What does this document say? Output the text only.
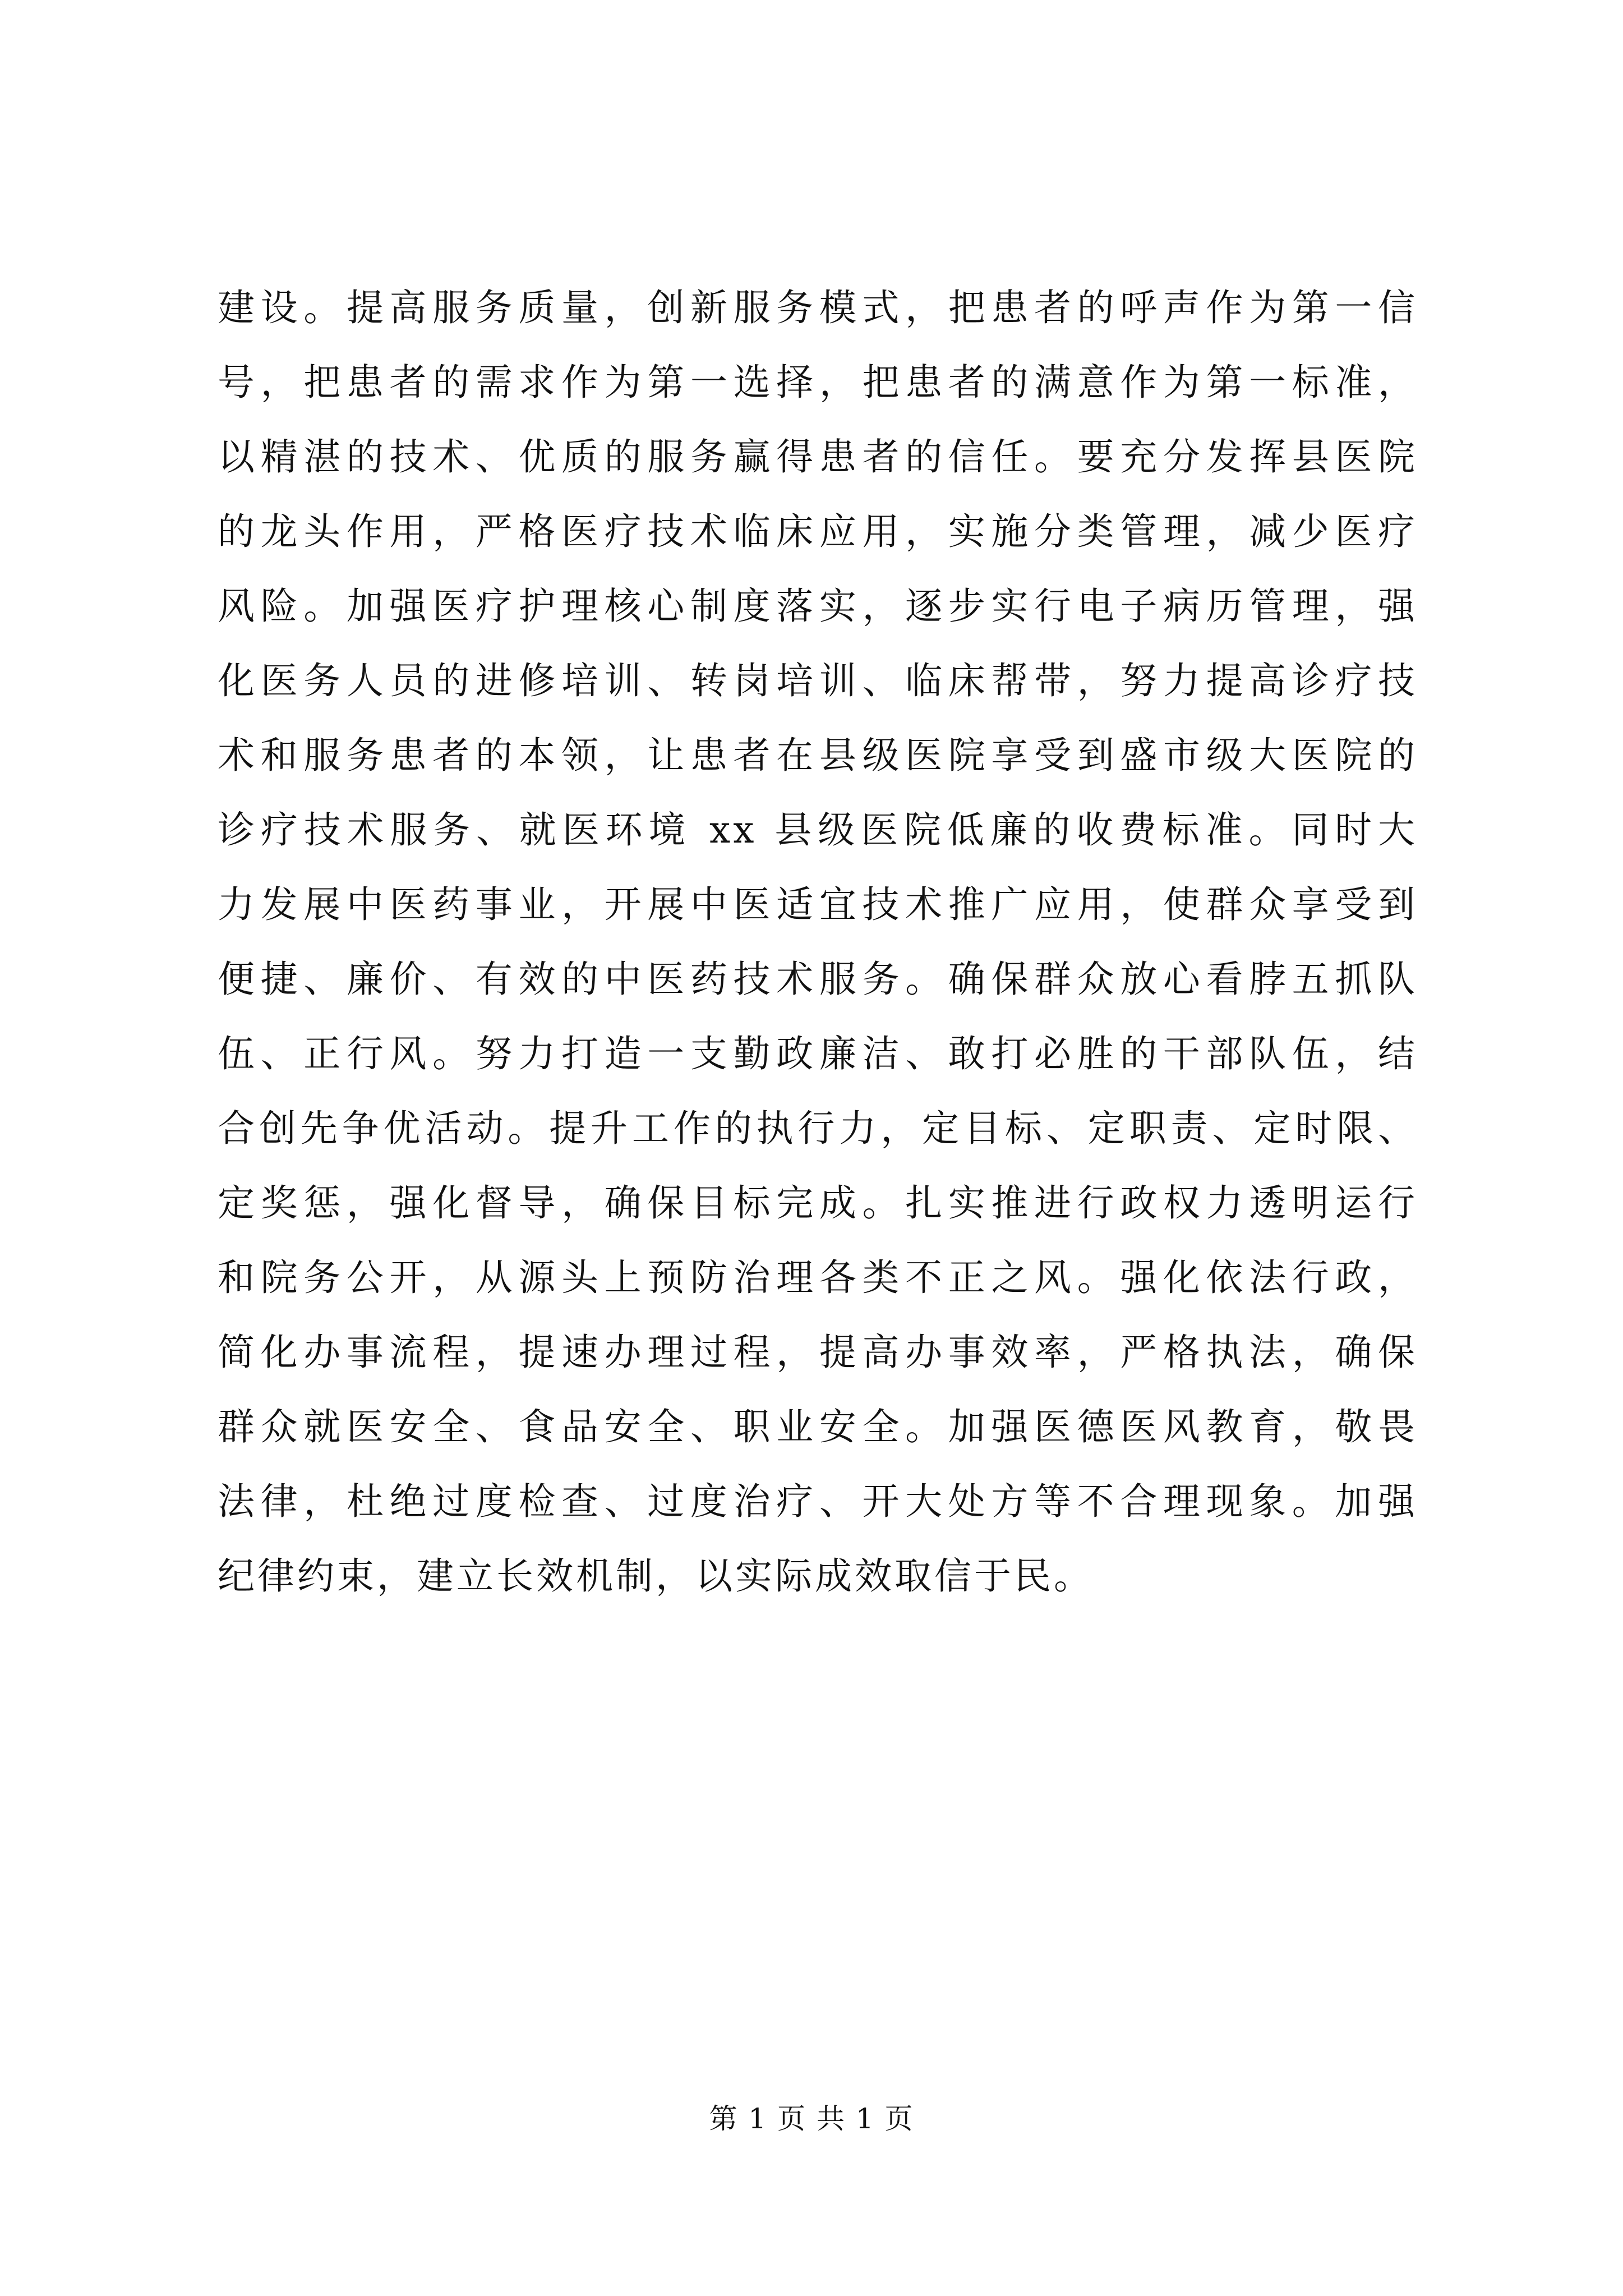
建设。提高服务质量，创新服务模式，把患者的呼声作为第一信
号，把患者的需求作为第一选择，把患者的满意作为第一标准，
以精湛的技术、优质的服务赢得患者的信任。要充分发挥县医院
的龙头作用，严格医疗技术临床应用，实施分类管理，减少医疗
风险。加强医疗护理核心制度落实，逐步实行电子病历管理，强
化医务人员的进修培训、转岗培训、临床帮带，努力提高诊疗技
术和服务患者的本领，让患者在县级医院享受到盛市级大医院的
诊疗技术服务、就医环境 xx 县级医院低廉的收费标准。同时大
力发展中医药事业，开展中医适宜技术推广应用，使群众享受到
便捷、廉价、有效的中医药技术服务。确保群众放心看脖五抓队
伍、正行风。努力打造一支勤政廉洁、敢打必胜的干部队伍，结
合创先争优活动。提升工作的执行力，定目标、定职责、定时限、
定奖惩，强化督导，确保目标完成。扎实推进行政权力透明运行
和院务公开，从源头上预防治理各类不正之风。强化依法行政，
简化办事流程，提速办理过程，提高办事效率，严格执法，确保
群众就医安全、食品安全、职业安全。加强医德医风教育，敬畏
法律，杜绝过度检查、过度治疗、开大处方等不合理现象。加强
纪律约束，建立长效机制，以实际成效取信于民。
第 1 页 共 1 页
